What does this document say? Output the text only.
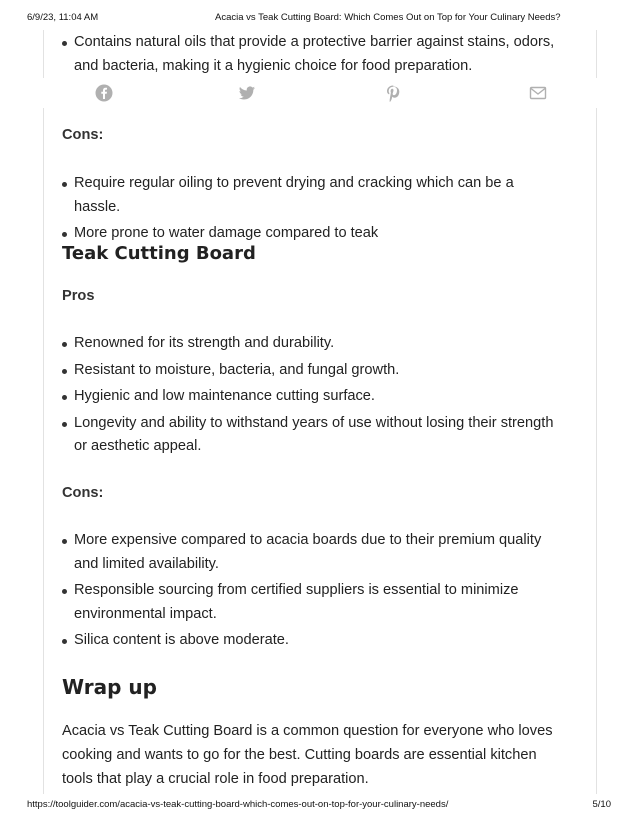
6/9/23, 11:04 AM	Acacia vs Teak Cutting Board: Which Comes Out on Top for Your Culinary Needs?
Contains natural oils that provide a protective barrier against stains, odors, and bacteria, making it a hygienic choice for food preparation.
Cons:
Require regular oiling to prevent drying and cracking which can be a hassle.
More prone to water damage compared to teak
Teak Cutting Board
Pros
Renowned for its strength and durability.
Resistant to moisture, bacteria, and fungal growth.
Hygienic and low maintenance cutting surface.
Longevity and ability to withstand years of use without losing their strength or aesthetic appeal.
Cons:
More expensive compared to acacia boards due to their premium quality and limited availability.
Responsible sourcing from certified suppliers is essential to minimize environmental impact.
Silica content is above moderate.
Wrap up

Acacia vs Teak Cutting Board is a common question for everyone who loves cooking and wants to go for the best. Cutting boards are essential kitchen tools that play a crucial role in food preparation.

https://toolguider.com/acacia-vs-teak-cutting-board-which-comes-out-on-top-for-your-culinary-needs/	5/10
